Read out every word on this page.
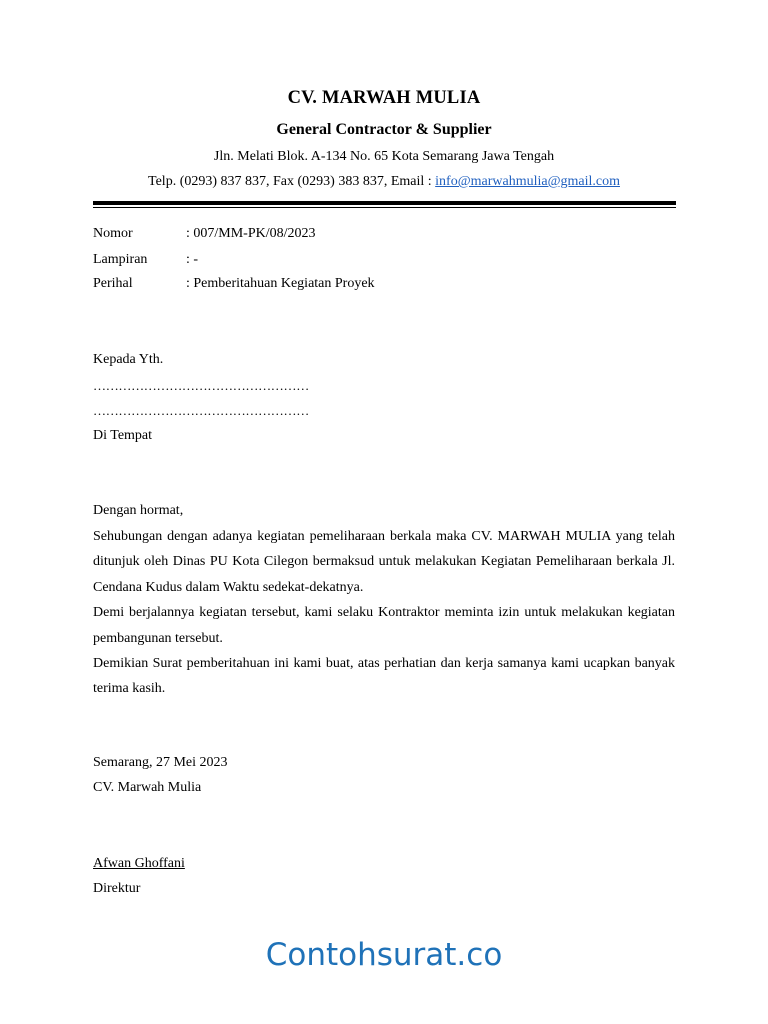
CV. MARWAH MULIA
General Contractor & Supplier
Jln. Melati Blok. A-134 No. 65 Kota Semarang Jawa Tengah
Telp. (0293) 837 837, Fax (0293) 383 837, Email : info@marwahmulia@gmail.com
Nomor	: 007/MM-PK/08/2023
Lampiran	: -
Perihal	: Pemberitahuan Kegiatan Proyek
Kepada Yth.
……………………………………………
……………………………………………
Di Tempat
Dengan hormat,

Sehubungan dengan adanya kegiatan pemeliharaan berkala maka CV. MARWAH MULIA yang telah ditunjuk oleh Dinas PU Kota Cilegon bermaksud untuk melakukan Kegiatan Pemeliharaan berkala Jl. Cendana Kudus dalam Waktu sedekat-dekatnya.

Demi berjalannya kegiatan tersebut, kami selaku Kontraktor meminta izin untuk melakukan kegiatan pembangunan tersebut.

Demikian Surat pemberitahuan ini kami buat, atas perhatian dan kerja samanya kami ucapkan banyak terima kasih.

Semarang, 27 Mei 2023
CV. Marwah Mulia
Afwan Ghoffani
Direktur
Contohsurat.co
